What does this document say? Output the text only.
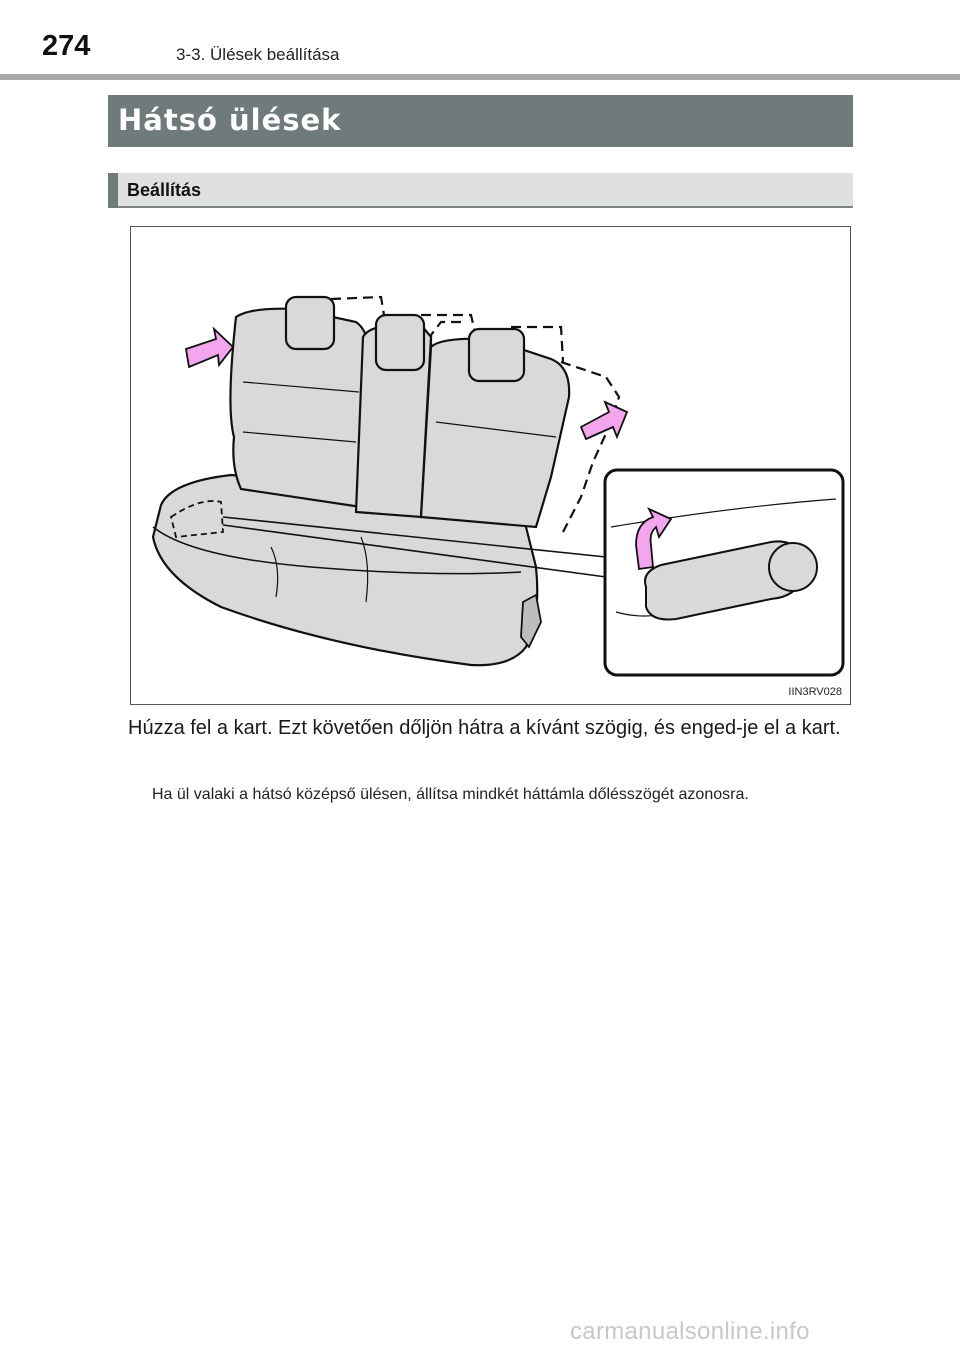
274	3-3. Ülések beállítása
Hátsó ülések
Beállítás
IIN3RV028
Húzza fel a kart. Ezt követően dőljön hátra a kívánt szögig, és enged-je el a kart.
Ha ül valaki a hátsó középső ülésen, állítsa mindkét háttámla dőlésszögét azonosra.
carmanualsonline.info
